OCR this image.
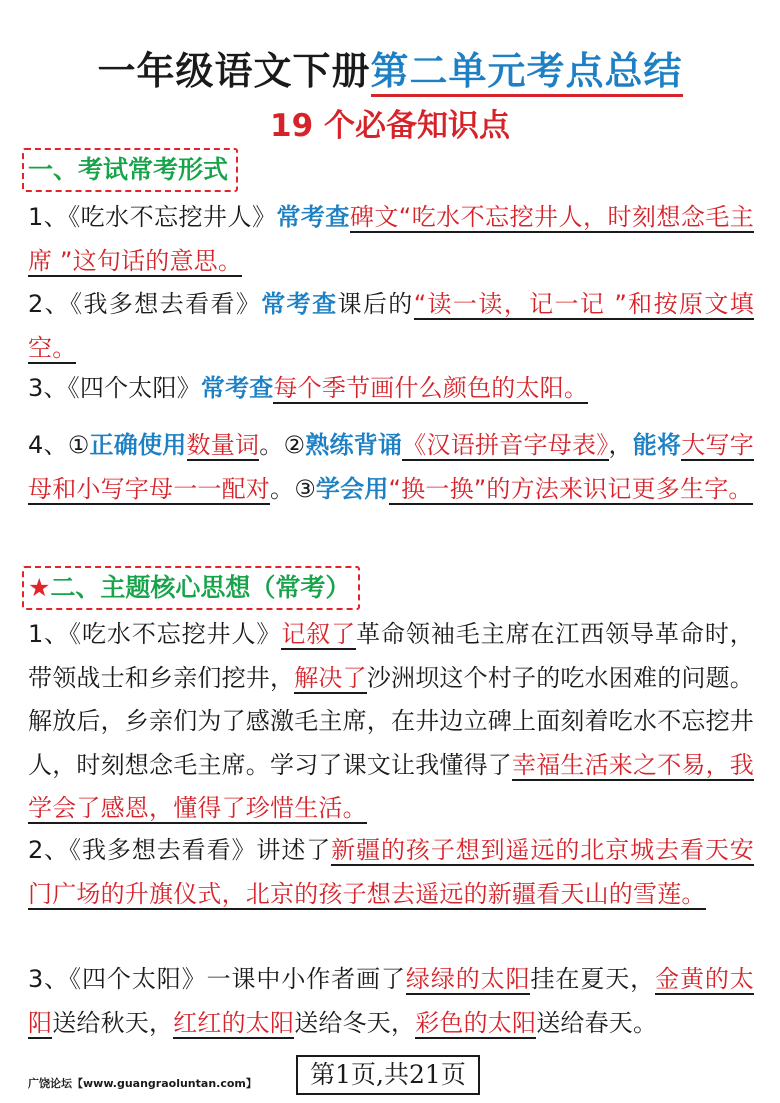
一年级语文下册第二单元考点总结
19 个必备知识点
一、考试常考形式
1、《吃水不忘挖井人》常考查碑文“吃水不忘挖井人，时刻想念毛主席 ”这句话的意思。
2、《我多想去看看》常考查课后的“读一读，记一记 ”和按原文填空。
3、《四个太阳》常考查每个季节画什么颜色的太阳。
4、①正确使用数量词。②熟练背诵《汉语拼音字母表》，能将大写字母和小写字母一一配对。③学会用“换一换”的方法来识记更多生字。
★二、主题核心思想（常考）
1、《吃水不忘挖井人》记叙了革命领袖毛主席在江西领导革命时，带领战士和乡亲们挖井，解决了沙洲坝这个村子的吃水困难的问题。解放后，乡亲们为了感激毛主席，在井边立碑上面刻着吃水不忘挖井人，时刻想念毛主席。学习了课文让我懂得了幸福生活来之不易，我学会了感恩，懂得了珍惜生活。
2、《我多想去看看》讲述了新疆的孩子想到遥远的北京城去看天安门广场的升旗仪式，北京的孩子想去遥远的新疆看天山的雪莲。
3、《四个太阳》一课中小作者画了绿绿的太阳挂在夏天，金黄的太阳送给秋天，红红的太阳送给冬天，彩色的太阳送给春天。
广饶论坛【www.guangraoluntan.com】	第1页,共21页
